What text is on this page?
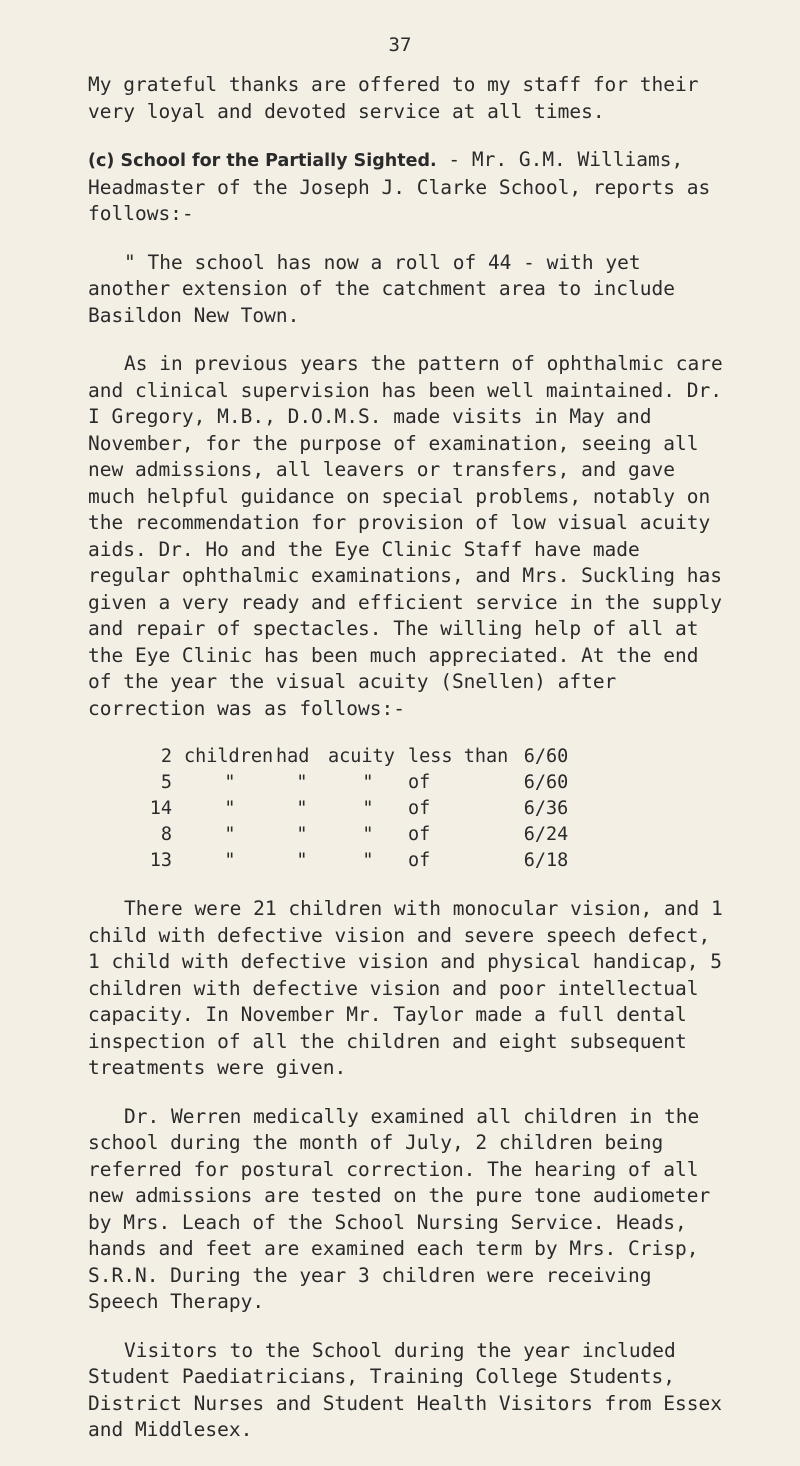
37

My grateful thanks are offered to my staff for their very loyal and devoted service at all times.

(c) School for the Partially Sighted. - Mr. G.M. Williams, Headmaster of the Joseph J. Clarke School, reports as follows:-

" The school has now a roll of 44 - with yet another extension of the catchment area to include Basildon New Town.

As in previous years the pattern of ophthalmic care and clinical supervision has been well maintained. Dr. I Gregory, M.B., D.O.M.S. made visits in May and November, for the purpose of examination, seeing all new admissions, all leavers or transfers, and gave much helpful guidance on special problems, notably on the recommendation for provision of low visual acuity aids. Dr. Ho and the Eye Clinic Staff have made regular ophthalmic examinations, and Mrs. Suckling has given a very ready and efficient service in the supply and repair of spectacles. The willing help of all at the Eye Clinic has been much appreciated. At the end of the year the visual acuity (Snellen) after correction was as follows:-

2	children	had	acuity	less than	6/60
5	"	"	"	of	6/60
14	"	"	"	of	6/36
8	"	"	"	of	6/24
13	"	"	"	of	6/18

There were 21 children with monocular vision, and 1 child with defective vision and severe speech defect, 1 child with defective vision and physical handicap, 5 children with defective vision and poor intellectual capacity. In November Mr. Taylor made a full dental inspection of all the children and eight subsequent treatments were given.

Dr. Werren medically examined all children in the school during the month of July, 2 children being referred for postural correction. The hearing of all new admissions are tested on the pure tone audiometer by Mrs. Leach of the School Nursing Service. Heads, hands and feet are examined each term by Mrs. Crisp, S.R.N. During the year 3 children were receiving Speech Therapy.

Visitors to the School during the year included Student Paediatricians, Training College Students, District Nurses and Student Health Visitors from Essex and Middlesex.
